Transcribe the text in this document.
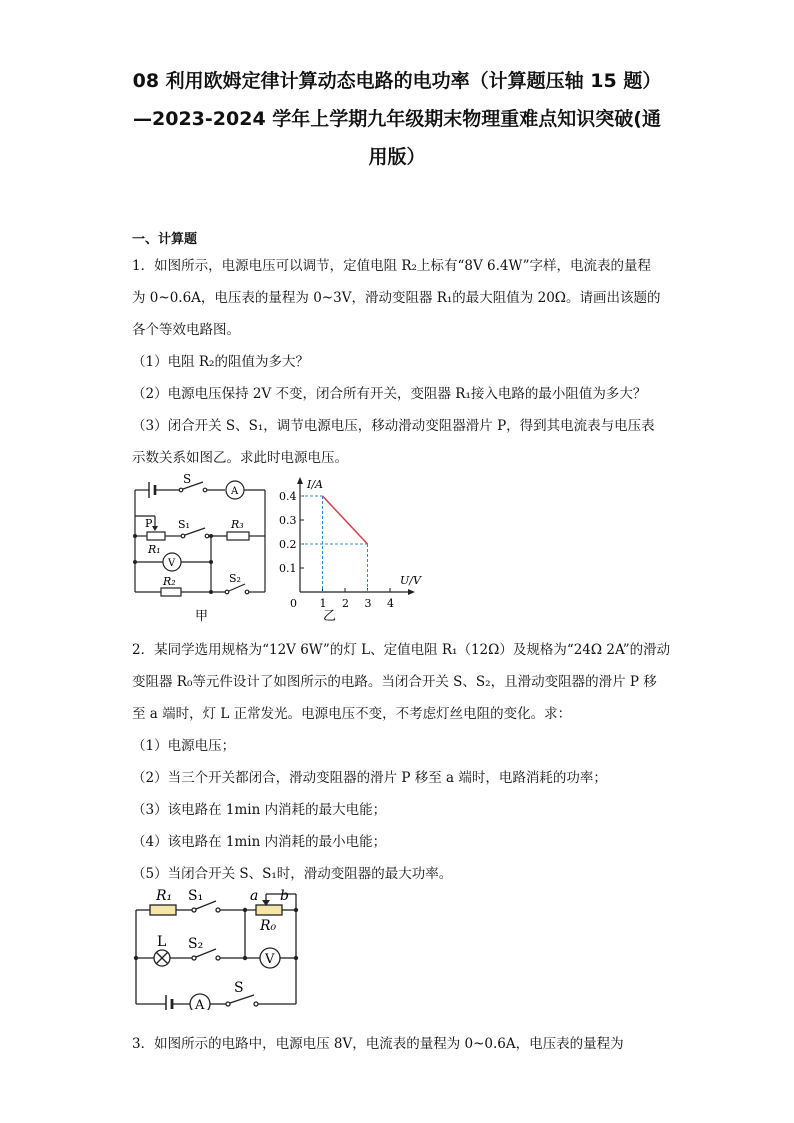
08 利用欧姆定律计算动态电路的电功率（计算题压轴 15 题）
—2023-2024 学年上学期九年级期末物理重难点知识突破(通
用版）
一、计算题
1．如图所示，电源电压可以调节，定值电阻 R₂上标有“8V 6.4W”字样，电流表的量程
为 0~0.6A，电压表的量程为 0~3V，滑动变阻器 R₁的最大阻值为 20Ω。请画出该题的
各个等效电路图。
（1）电阻 R₂的阻值为多大？
（2）电源电压保持 2V 不变，闭合所有开关，变阻器 R₁接入电路的最小阻值为多大？
（3）闭合开关 S、S₁，调节电源电压，移动滑动变阻器滑片 P，得到其电流表与电压表
示数关系如图乙。求此时电源电压。
S
A
P S₁	R₃
R₁
V
R₂	S₂
甲
I/A
U/V
乙
0.1
0.2
0.3
0.4
0 1 2 3 4
2．某同学选用规格为“12V 6W”的灯 L、定值电阻 R₁（12Ω）及规格为“24Ω 2A”的滑动
变阻器 R₀等元件设计了如图所示的电路。当闭合开关 S、S₂，且滑动变阻器的滑片 P 移
至 a 端时，灯 L 正常发光。电源电压不变，不考虑灯丝电阻的变化。求：
（1）电源电压；
（2）当三个开关都闭合，滑动变阻器的滑片 P 移至 a 端时，电路消耗的功率；
（3）该电路在 1min 内消耗的最大电能；
（4）该电路在 1min 内消耗的最小电能；
（5）当闭合开关 S、S₁时，滑动变阻器的最大功率。
R₁ S₁	a b
R₀
L S₂
V
A
S
3．如图所示的电路中，电源电压 8V，电流表的量程为 0~0.6A，电压表的量程为
